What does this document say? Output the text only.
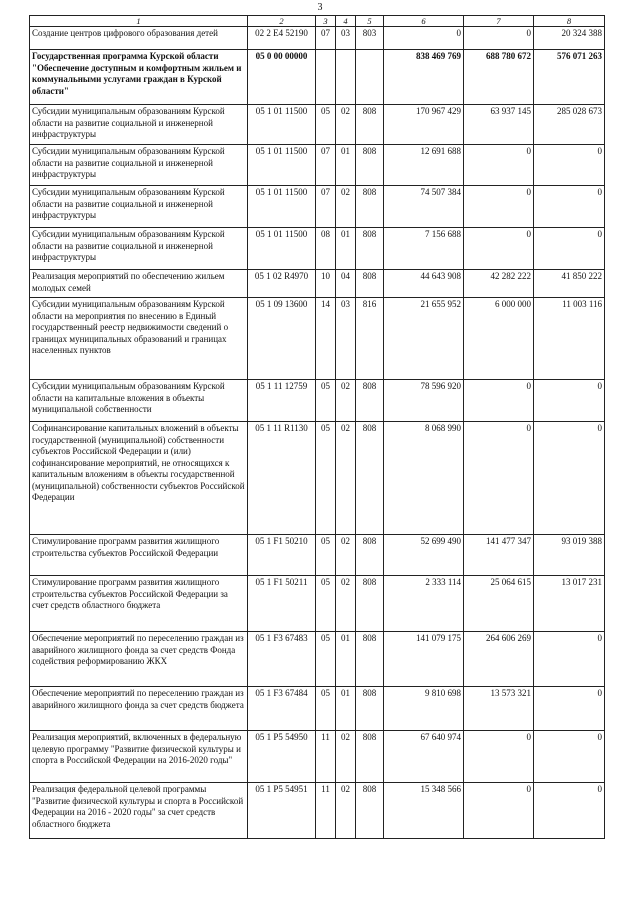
3
1	2	3	4	5	6	7	8
Создание центров цифрового образования детей	02 2 E4 52190	07	03	803	0	0	20 324 388
Государственная программа Курской области "Обеспечение доступным и комфортным жильем и коммунальными услугами граждан в Курской области"	05 0 00 00000				838 469 769	688 780 672	576 071 263
Субсидии муниципальным образованиям Курской области на развитие социальной и инженерной инфраструктуры	05 1 01 11500	05	02	808	170 967 429	63 937 145	285 028 673
Субсидии муниципальным образованиям Курской области на развитие социальной и инженерной инфраструктуры	05 1 01 11500	07	01	808	12 691 688	0	0
Субсидии муниципальным образованиям Курской области на развитие социальной и инженерной инфраструктуры	05 1 01 11500	07	02	808	74 507 384	0	0
Субсидии муниципальным образованиям Курской области на развитие социальной и инженерной инфраструктуры	05 1 01 11500	08	01	808	7 156 688	0	0
Реализация мероприятий по обеспечению жильем молодых семей	05 1 02 R4970	10	04	808	44 643 908	42 282 222	41 850 222
Субсидии муниципальным образованиям Курской области на мероприятия по внесению в Единый государственный реестр недвижимости сведений о границах муниципальных образований и границах населенных пунктов	05 1 09 13600	14	03	816	21 655 952	6 000 000	11 003 116
Субсидии муниципальным образованиям Курской области на капитальные вложения в объекты муниципальной собственности	05 1 11 12759	05	02	808	78 596 920	0	0
Софинансирование капитальных вложений в объекты государственной (муниципальной) собственности субъектов Российской Федерации и (или) софинансирование мероприятий, не относящихся к капитальным вложениям в объекты государственной (муниципальной) собственности субъектов Российской Федерации	05 1 11 R1130	05	02	808	8 068 990	0	0
Стимулирование программ развития жилищного строительства субъектов Российской Федерации	05 1 F1 50210	05	02	808	52 699 490	141 477 347	93 019 388
Стимулирование программ развития жилищного строительства субъектов Российской Федерации за счет средств областного бюджета	05 1 F1 50211	05	02	808	2 333 114	25 064 615	13 017 231
Обеспечение мероприятий по переселению граждан из аварийного жилищного фонда за счет средств Фонда содействия реформированию ЖКХ	05 1 F3 67483	05	01	808	141 079 175	264 606 269	0
Обеспечение мероприятий по переселению граждан из аварийного жилищного фонда за счет средств бюджета	05 1 F3 67484	05	01	808	9 810 698	13 573 321	0
Реализация мероприятий, включенных в федеральную целевую программу "Развитие физической культуры и спорта в Российской Федерации на 2016-2020 годы"	05 1 P5 54950	11	02	808	67 640 974	0	0
Реализация федеральной целевой программы "Развитие физической культуры и спорта в Российской Федерации на 2016 - 2020 годы" за счет средств областного бюджета	05 1 P5 54951	11	02	808	15 348 566	0	0
